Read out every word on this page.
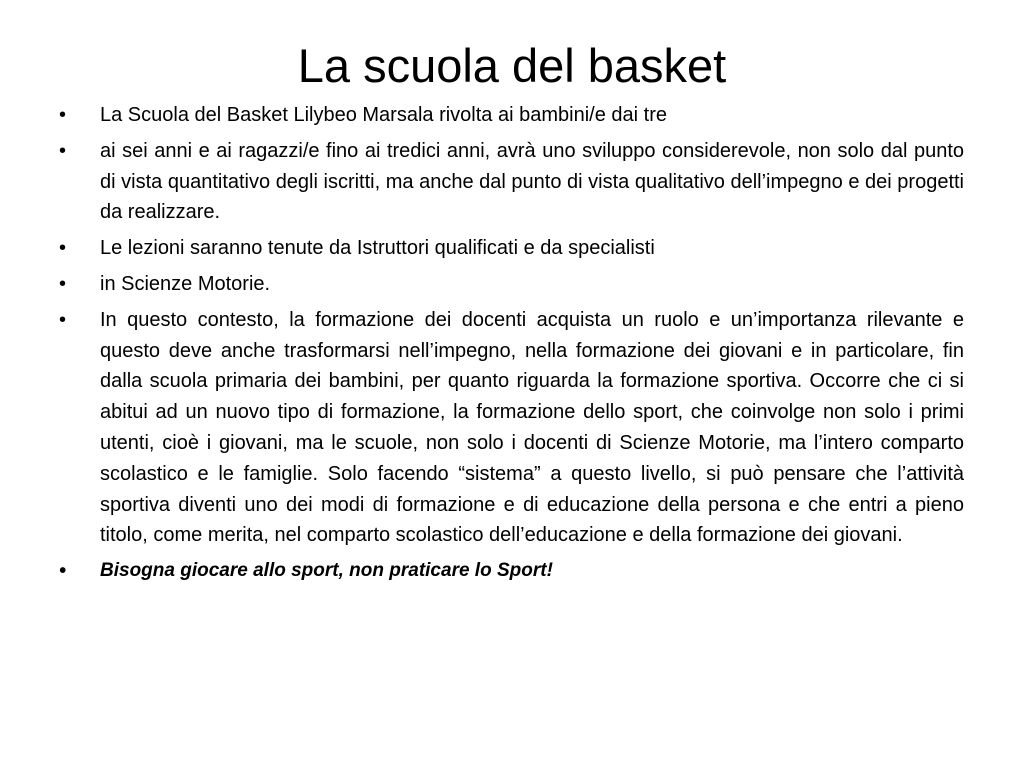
La scuola del basket
• La Scuola del Basket Lilybeo Marsala rivolta ai bambini/e dai tre
• ai sei anni e ai ragazzi/e fino ai tredici anni, avrà uno sviluppo considerevole, non solo dal punto di vista quantitativo degli iscritti, ma anche dal punto di vista qualitativo dell’impegno e dei progetti da realizzare.
• Le lezioni saranno tenute da Istruttori qualificati e da specialisti
• in Scienze Motorie.
• In questo contesto, la formazione dei docenti acquista un ruolo e un’importanza rilevante e questo deve anche trasformarsi nell’impegno, nella formazione dei giovani e in particolare, fin dalla scuola primaria dei bambini, per quanto riguarda la formazione sportiva. Occorre che ci si abitui ad un nuovo tipo di formazione, la formazione dello sport, che coinvolge non solo i primi utenti, cioè i giovani, ma le scuole, non solo i docenti di Scienze Motorie, ma l’intero comparto scolastico e le famiglie. Solo facendo “sistema” a questo livello, si può pensare che l’attività sportiva diventi uno dei modi di formazione e di educazione della persona e che entri a pieno titolo, come merita, nel comparto scolastico dell’educazione e della formazione dei giovani.
• Bisogna giocare allo sport, non praticare lo Sport!
